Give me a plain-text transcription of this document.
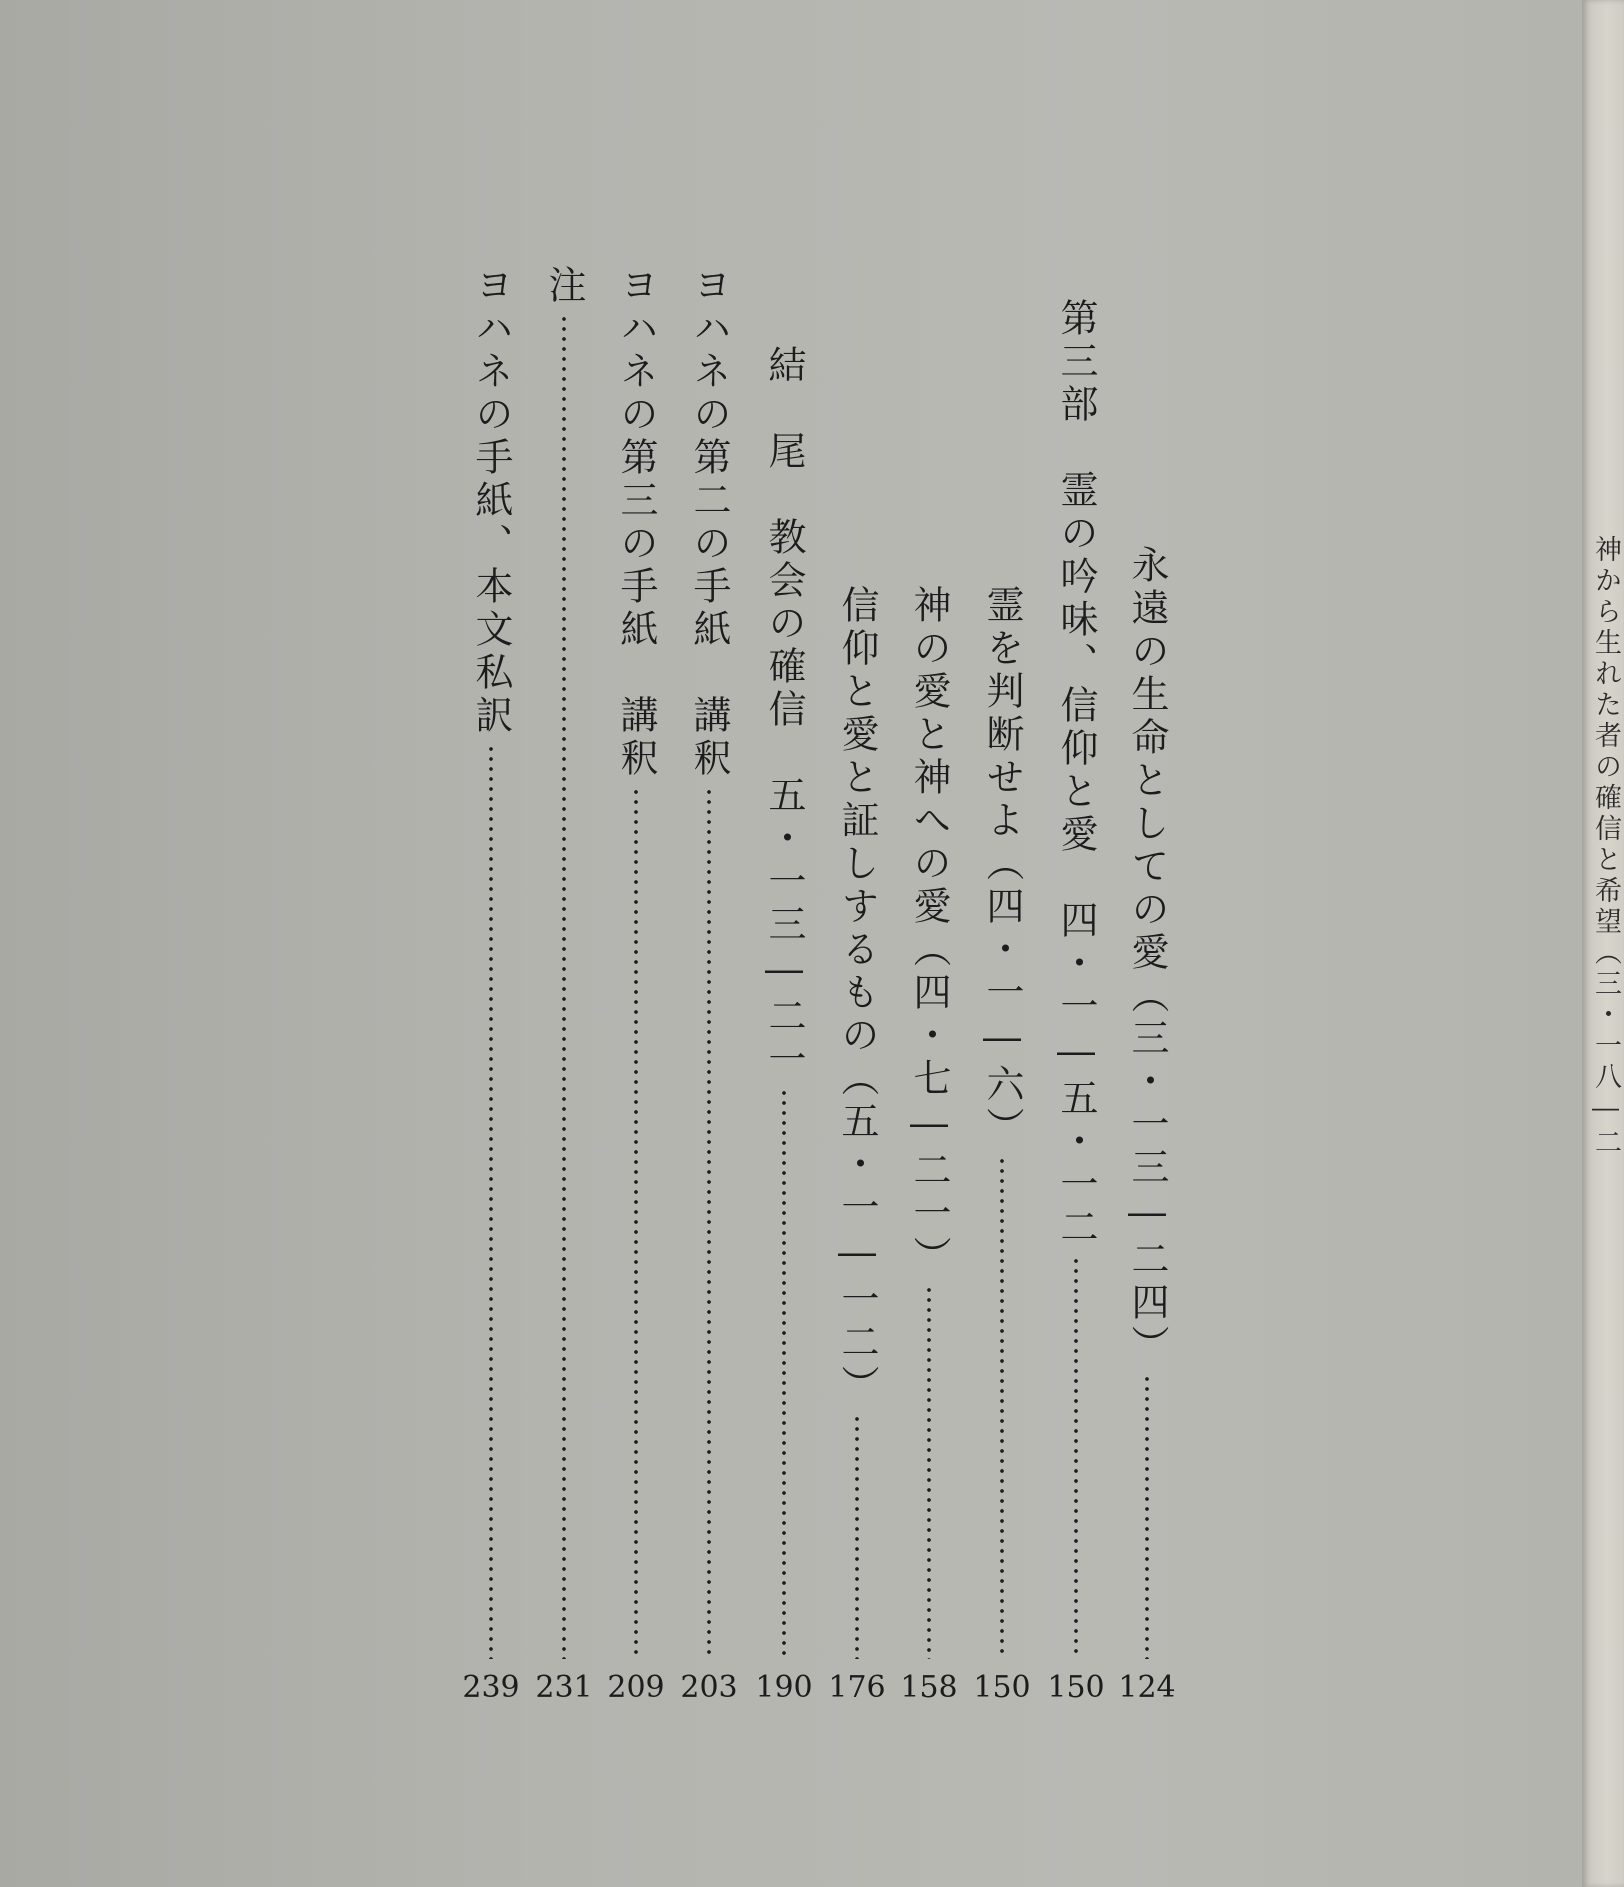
永遠の生命としての愛（三・一三―二四）
第三部　霊の吟味、信仰と愛　四・一―五・一二
霊を判断せよ（四・一―六）
神の愛と神への愛（四・七―二一）
信仰と愛と証しするもの（五・一―一二）
結　尾　教会の確信　五・一三―二一
ヨハネの第二の手紙　講釈
ヨハネの第三の手紙　講釈
注
ヨハネの手紙、本文私訳
124
150
150
158
176
190
203
209
231
239
神から生れた者の確信と希望（三・一八―二
